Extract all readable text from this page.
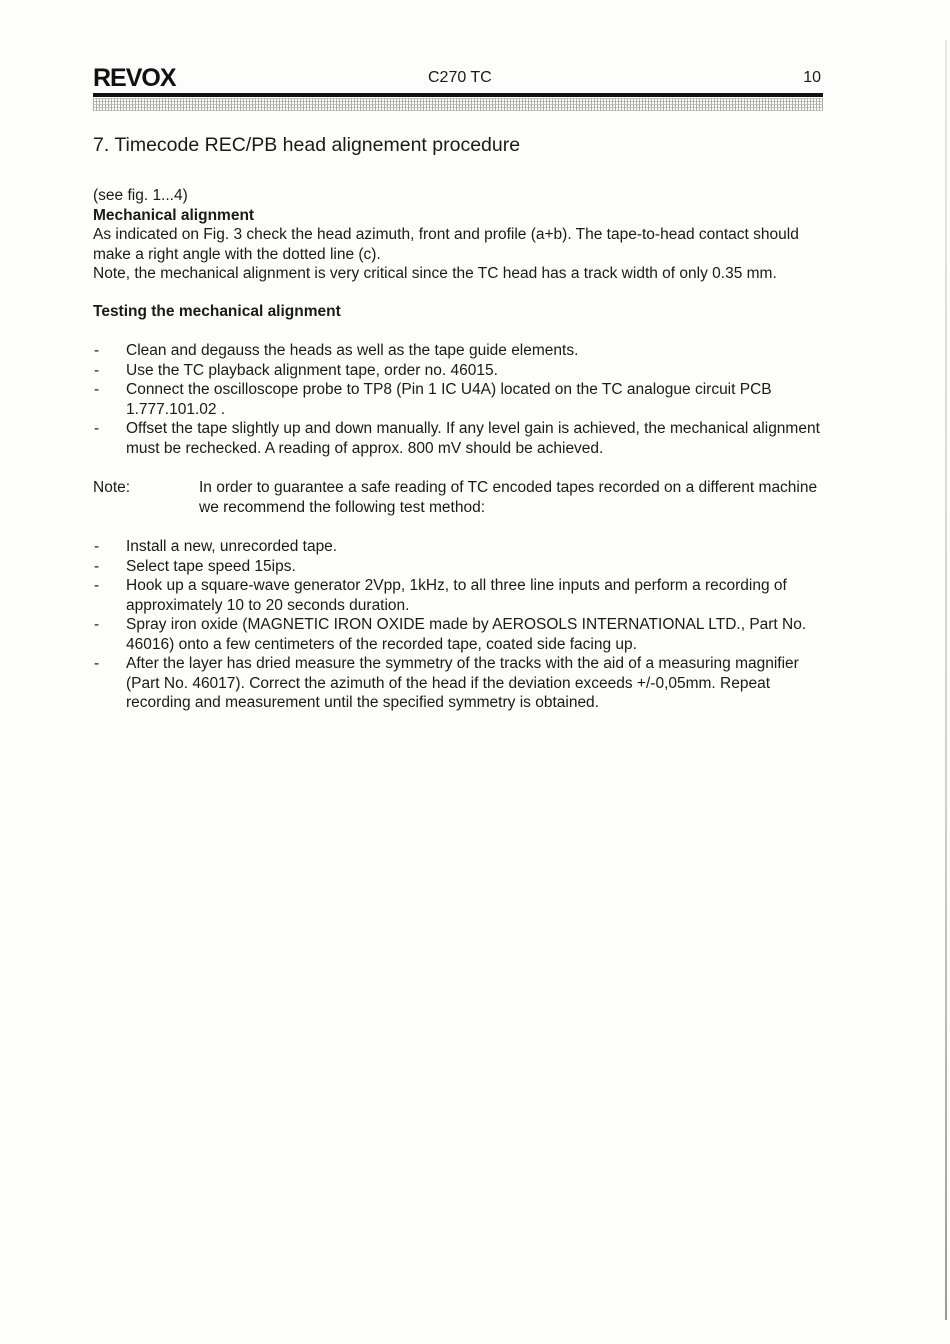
REVOX	C270 TC	10
7. Timecode REC/PB head alignement procedure

(see fig. 1...4)

Mechanical alignment

As indicated on Fig. 3 check the head azimuth, front and profile (a+b). The tape-to-head contact should make a right angle with the dotted line (c).

Note, the mechanical alignment is very critical since the TC head has a track width of only 0.35 mm.

Testing the mechanical alignment
- Clean and degauss the heads as well as the tape guide elements.
- Use the TC playback alignment tape, order no. 46015.
- Connect the oscilloscope probe to TP8 (Pin 1 IC U4A) located on the TC analogue circuit PCB 1.777.101.02 .
- Offset the tape slightly up and down manually. If any level gain is achieved, the mechanical alignment must be rechecked. A reading of approx. 800 mV should be achieved.
Note:	In order to guarantee a safe reading of TC encoded tapes recorded on a different machine we recommend the following test method:
- Install a new, unrecorded tape.
- Select tape speed 15ips.
- Hook up a square-wave generator 2Vpp, 1kHz, to all three line inputs and perform a recording of approximately 10 to 20 seconds duration.
- Spray iron oxide (MAGNETIC IRON OXIDE made by AEROSOLS INTERNATIONAL LTD., Part No. 46016) onto a few centimeters of the recorded tape, coated side facing up.
- After the layer has dried measure the symmetry of the tracks with the aid of a measuring magnifier (Part No. 46017). Correct the azimuth of the head if the deviation exceeds +/-0,05mm. Repeat recording and measurement until the specified symmetry is obtained.
